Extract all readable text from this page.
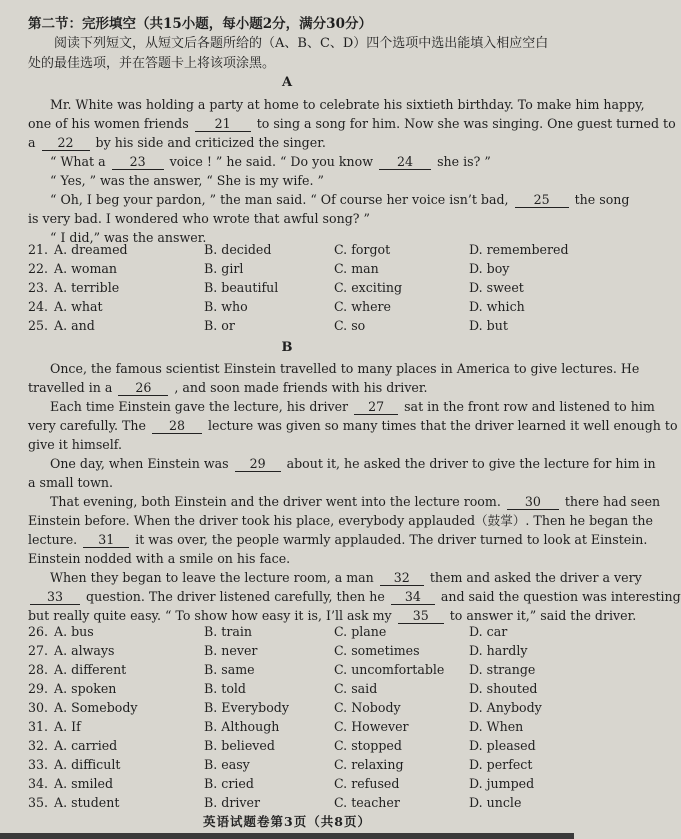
第二节：完形填空（共15小题，每小题2分，满分30分）
阅读下列短文，从短文后各题所给的（A、B、C、D）四个选项中选出能填入相应空白
处的最佳选项，并在答题卡上将该项涂黑。
A
Mr. White was holding a party at home to celebrate his sixtieth birthday. To make him happy,
one of his women friends 21 to sing a song for him. Now she was singing. One guest turned to
a 22 by his side and criticized the singer.
“ What a 23 voice ! ” he said. “ Do you know 24 she is? ”
“ Yes, ” was the answer, “ She is my wife. ”
“ Oh, I beg your pardon, ” the man said. “ Of course her voice isn’t bad, 25 the song
is very bad. I wondered who wrote that awful song? ”
“ I did,” was the answer.
21. A. dreamed	B. decided	C. forgot	D. remembered
22. A. woman	B. girl	C. man	D. boy
23. A. terrible	B. beautiful	C. exciting	D. sweet
24. A. what	B. who	C. where	D. which
25. A. and	B. or	C. so	D. but
B
Once, the famous scientist Einstein travelled to many places in America to give lectures. He
travelled in a 26 , and soon made friends with his driver.
Each time Einstein gave the lecture, his driver 27 sat in the front row and listened to him
very carefully. The 28 lecture was given so many times that the driver learned it well enough to
give it himself.
One day, when Einstein was 29 about it, he asked the driver to give the lecture for him in
a small town.
That evening, both Einstein and the driver went into the lecture room. 30 there had seen
Einstein before. When the driver took his place, everybody applauded（鼓掌）. Then he began the
lecture. 31 it was over, the people warmly applauded. The driver turned to look at Einstein.
Einstein nodded with a smile on his face.
When they began to leave the lecture room, a man 32 them and asked the driver a very
33 question. The driver listened carefully, then he 34 and said the question was interesting
but really quite easy. “ To show how easy it is, I’ll ask my 35 to answer it,” said the driver.
26. A. bus	B. train	C. plane	D. car
27. A. always	B. never	C. sometimes	D. hardly
28. A. different	B. same	C. uncomfortable D. strange
29. A. spoken	B. told	C. said	D. shouted
30. A. Somebody	B. Everybody	C. Nobody	D. Anybody
31. A. If	B. Although	C. However	D. When
32. A. carried	B. believed	C. stopped	D. pleased
33. A. difficult	B. easy	C. relaxing	D. perfect
34. A. smiled	B. cried	C. refused	D. jumped
35. A. student	B. driver	C. teacher	D. uncle
英语试题卷第3页（共8页）
